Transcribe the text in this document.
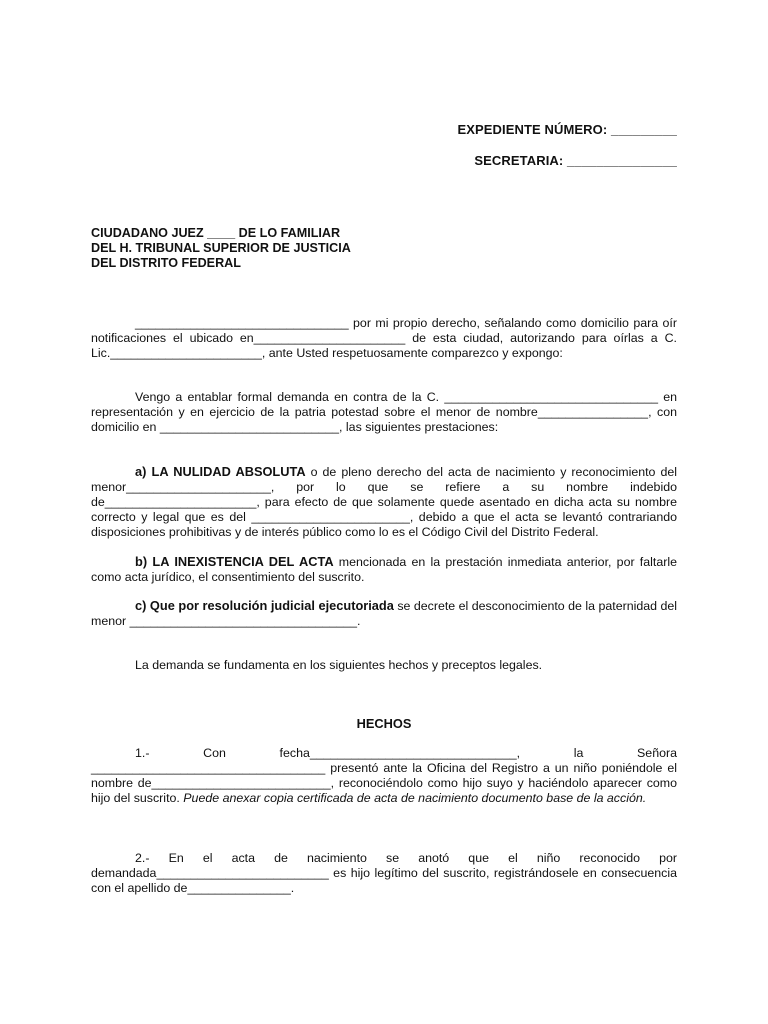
EXPEDIENTE NÚMERO: _________
SECRETARIA: _______________
CIUDADANO JUEZ ____ DE LO FAMILIAR
DEL H. TRIBUNAL SUPERIOR DE JUSTICIA
DEL DISTRITO FEDERAL
_______________________________ por mi propio derecho, señalando como domicilio para oír notificaciones el ubicado en______________________ de esta ciudad, autorizando para oírlas a C. Lic.______________________, ante Usted respetuosamente comparezco y expongo:
Vengo a entablar formal demanda en contra de la C. _______________________________ en representación y en ejercicio de la patria potestad sobre el menor de nombre________________, con domicilio en __________________________, las siguientes prestaciones:
a) LA NULIDAD ABSOLUTA o de pleno derecho del acta de nacimiento y reconocimiento del menor_____________________, por lo que se refiere a su nombre indebido de______________________, para efecto de que solamente quede asentado en dicha acta su nombre correcto y legal que es del _______________________, debido a que el acta se levantó contrariando disposiciones prohibitivas y de interés público como lo es el Código Civil del Distrito Federal.
b) LA INEXISTENCIA DEL ACTA mencionada en la prestación inmediata anterior, por faltarle como acta jurídico, el consentimiento del suscrito.
c) Que por resolución judicial ejecutoriada se decrete el desconocimiento de la paternidad del menor _________________________________.
La demanda se fundamenta en los siguientes hechos y preceptos legales.
HECHOS
1.- Con fecha______________________________, la Señora __________________________________ presentó ante la Oficina del Registro a un niño poniéndole el nombre de__________________________, reconociéndolo como hijo suyo y haciéndolo aparecer como hijo del suscrito. Puede anexar copia certificada de acta de nacimiento documento base de la acción.
2.- En el acta de nacimiento se anotó que el niño reconocido por demandada_________________________ es hijo legítimo del suscrito, registrándosele en consecuencia con el apellido de_______________.
